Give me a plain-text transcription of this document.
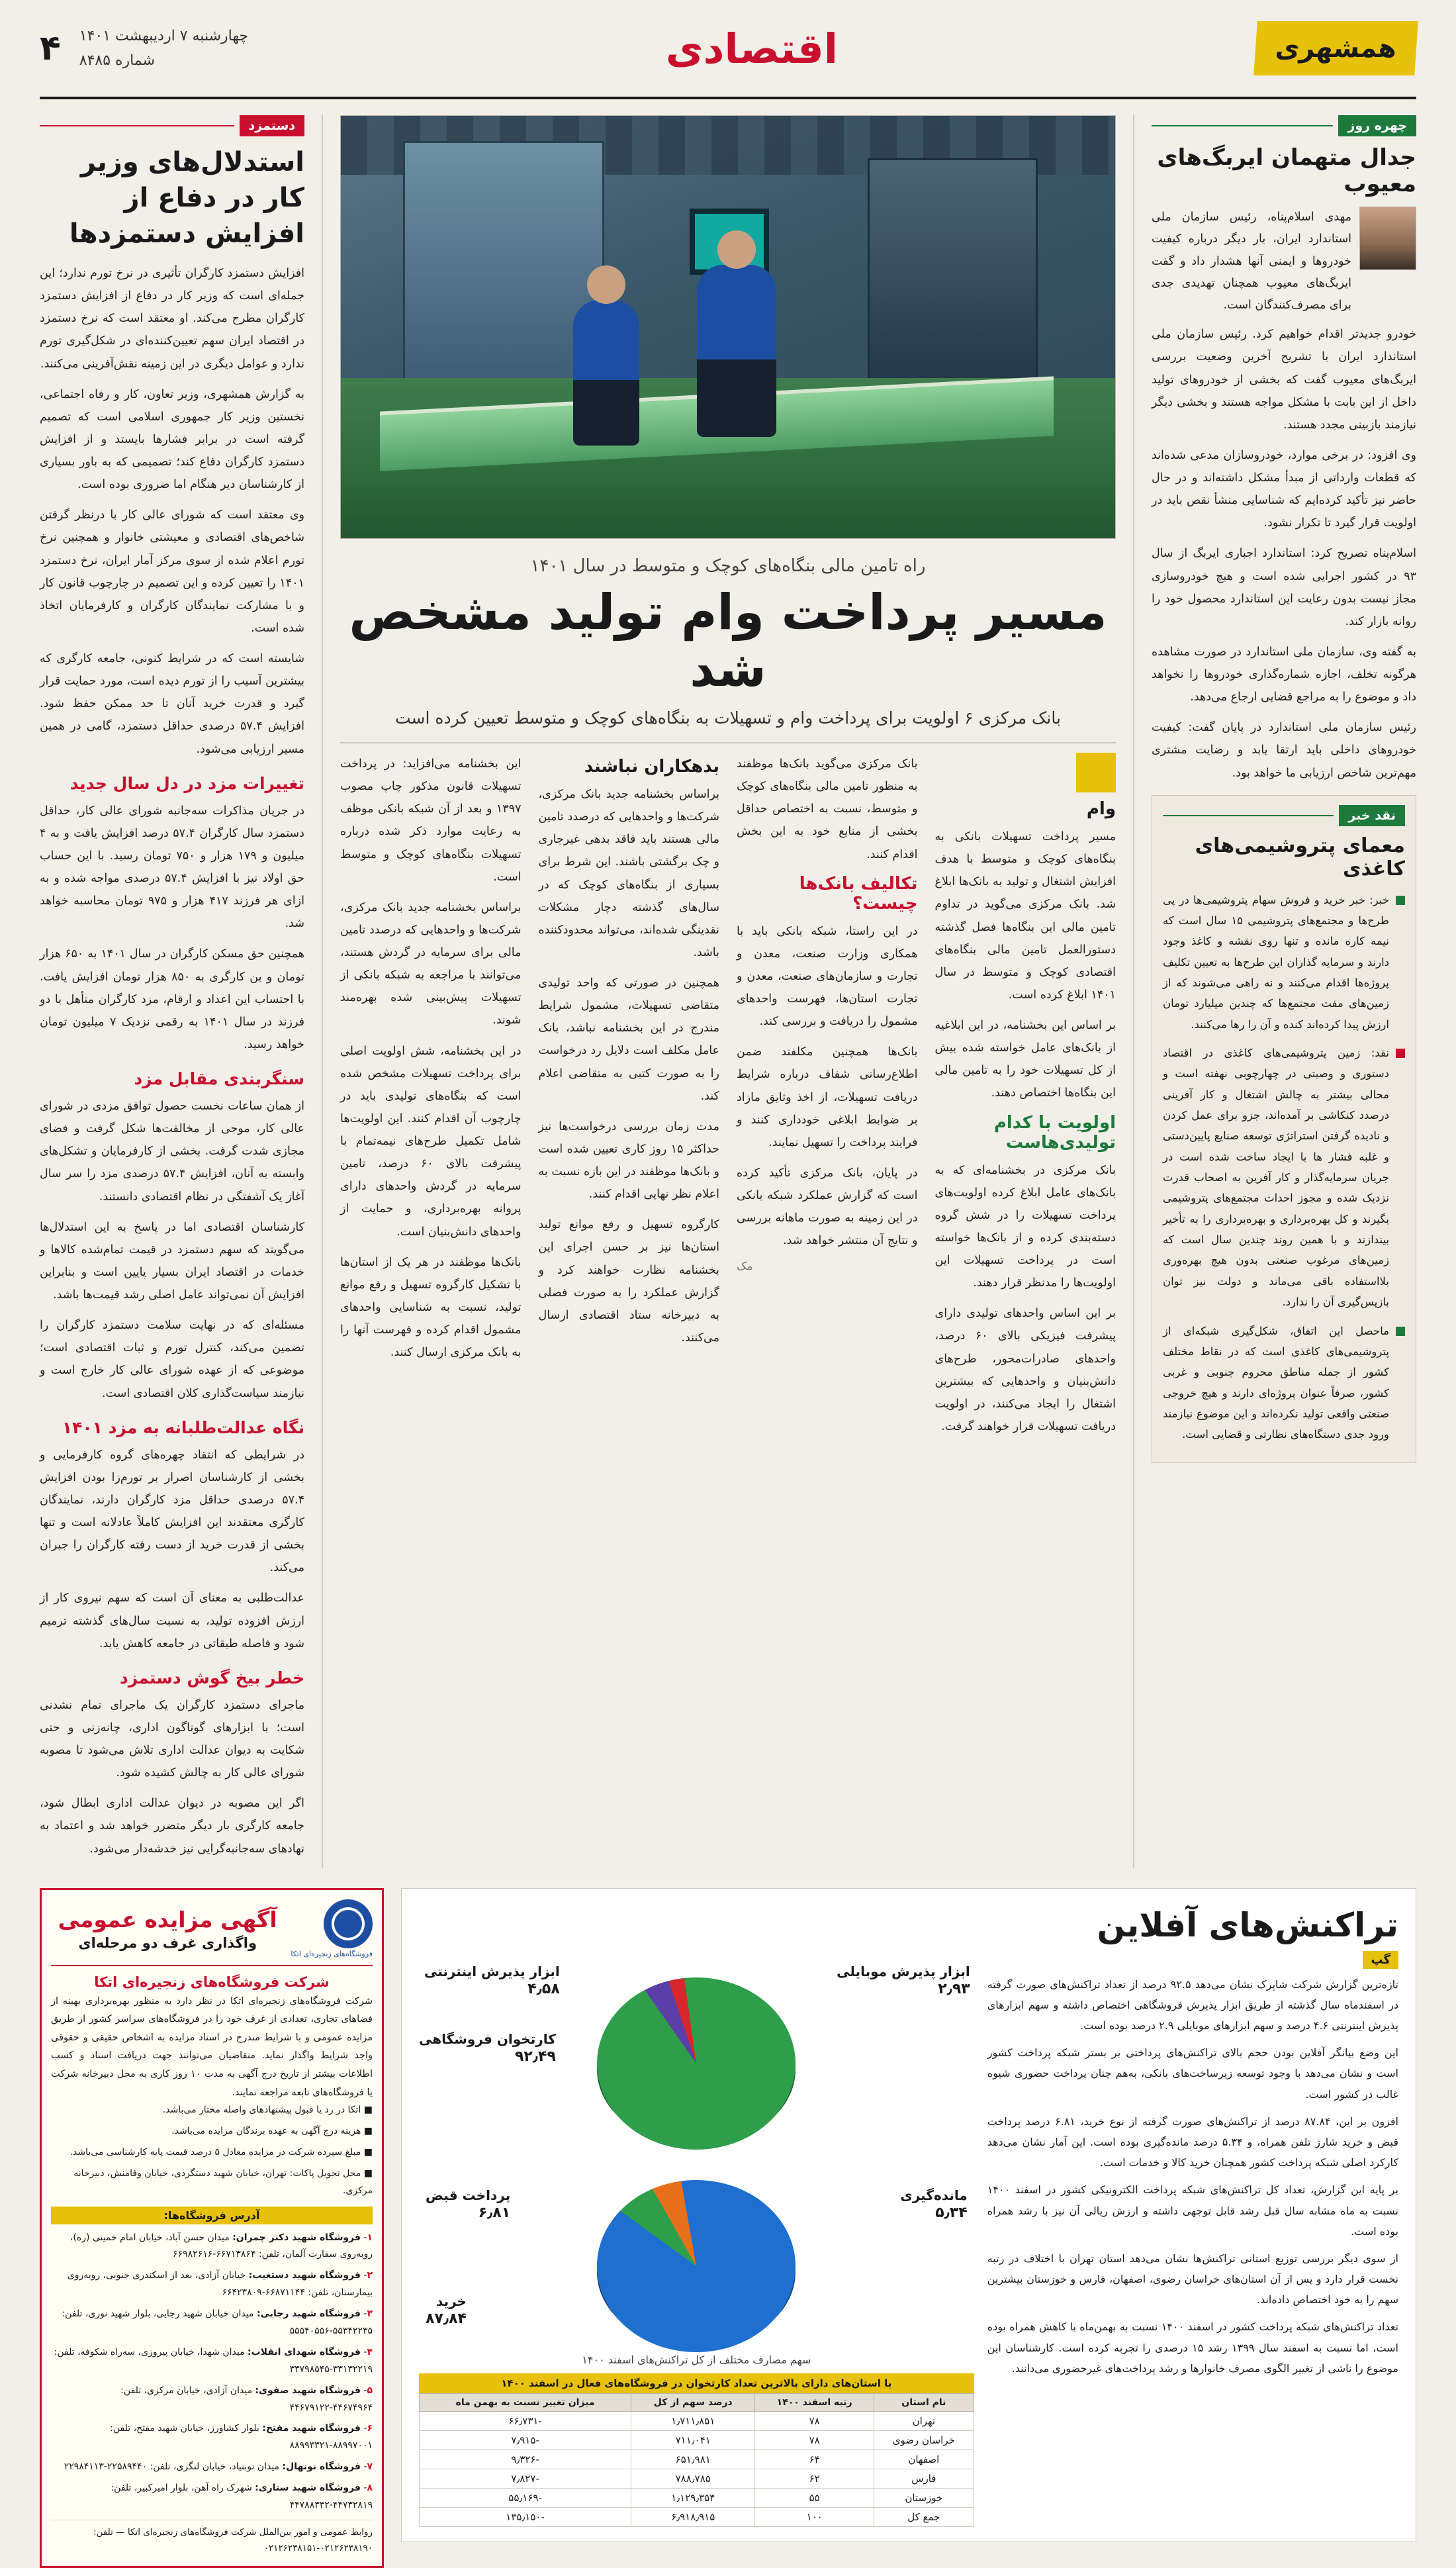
همشهری
اقتصادی
چهارشنبه ۷ اردیبهشت ۱۴۰۱
شماره ۸۴۸۵
۴
چهره روز
جدال متهمان ایربگ‌های معیوب
مهدی اسلام‌پناه، رئیس سازمان ملی استاندارد ایران، بار دیگر درباره کیفیت خودروها و ایمنی آنها هشدار داد و گفت ایربگ‌های معیوب همچنان تهدیدی جدی برای مصرف‌کنندگان است.

خودرو جدیدتر اقدام خواهیم کرد. رئیس سازمان ملی استاندارد ایران با تشریح آخرین وضعیت بررسی ایربگ‌های معیوب گفت که بخشی از خودروهای تولید داخل از این بابت با مشکل مواجه هستند و بخشی دیگر نیازمند بازبینی مجدد هستند.

وی افزود: در برخی موارد، خودروسازان مدعی شده‌اند که قطعات وارداتی از مبدأ مشکل داشته‌اند و در حال حاضر نیز تأکید کرده‌ایم که شناسایی منشأ نقص باید در اولویت قرار گیرد تا تکرار نشود.

اسلام‌پناه تصریح کرد: استاندارد اجباری ایربگ از سال ۹۳ در کشور اجرایی شده است و هیچ خودروسازی مجاز نیست بدون رعایت این استاندارد محصول خود را روانه بازار کند.

به گفته وی، سازمان ملی استاندارد در صورت مشاهده هرگونه تخلف، اجازه شماره‌گذاری خودروها را نخواهد داد و موضوع را به مراجع قضایی ارجاع می‌دهد.

رئیس سازمان ملی استاندارد در پایان گفت: کیفیت خودروهای داخلی باید ارتقا یابد و رضایت مشتری مهم‌ترین شاخص ارزیابی ما خواهد بود.

نقد خبر
معمای پتروشیمی‌های کاغذی

خبر: خبر خرید و فروش سهام پتروشیمی‌ها در پی طرح‌ها و مجتمع‌های پتروشیمی ۱۵ سال است که نیمه کاره مانده و تنها روی نقشه و کاغذ وجود دارند و سرمایه گذاران این طرح‌ها به تعیین تکلیف پروژه‌ها اقدام می‌کنند و نه راهی می‌شوند که از زمین‌های مفت مجتمع‌ها که چندین میلیارد تومان ارزش پیدا کرده‌اند کنده و آن را رها می‌کنند.

نقد: زمین پتروشیمی‌های کاغذی در اقتصاد دستوری و وصیتی در چهارچوبی نهفته است و محالی بیشتر به چالش اشتغال و کار آفرینی درصدد کنکاشی بر آمده‌اند، جزو برای عمل کردن و نادیده گرفتن استراتژی توسعه صنایع پایین‌دستی و غلبه فشار ها با ایجاد ساخت شده است در جریان سرمایه‌گذار و کار آفرین به اصحاب قدرت نزدیک شده و مجوز احداث مجتمع‌های پتروشیمی بگیرند و کل بهره‌برداری و بهره‌برداری را به تأخیر بیندازند و با همین روند چندین سال است که زمین‌های مرغوب صنعتی بدون هیچ بهره‌وری بلااستفاده باقی می‌ماند و دولت نیز توان بازپس‌گیری آن را ندارد.

ماحصل این اتفاق، شکل‌گیری شبکه‌ای از پتروشیمی‌های کاغذی است که در نقاط مختلف کشور از جمله مناطق محروم جنوبی و غربی کشور، صرفاً عنوان پروژه‌ای دارند و هیچ خروجی صنعتی واقعی تولید نکرده‌اند و این موضوع نیازمند ورود جدی دستگاه‌های نظارتی و قضایی است.

راه تامین مالی بنگاه‌های کوچک و متوسط در سال ۱۴۰۱
مسیر پرداخت وام تولید مشخص شد
بانک مرکزی ۶ اولویت برای پرداخت وام و تسهیلات به بنگاه‌های کوچک و متوسط تعیین کرده است
وام

مسیر پرداخت تسهیلات بانکی به بنگاه‌های کوچک و متوسط با هدف افزایش اشتغال و تولید به بانک‌ها ابلاغ شد. بانک مرکزی می‌گوید در تداوم تامین مالی این بنگاه‌ها فصل گذشته دستورالعمل تامین مالی بنگاه‌های اقتصادی کوچک و متوسط در سال ۱۴۰۱ ابلاغ کرده است.

بر اساس این بخشنامه، در این ابلاغیه از بانک‌های عامل خواسته شده بیش از کل تسهیلات خود را به تامین مالی این بنگاه‌ها اختصاص دهند.

اولویت با کدام تولیدی‌هاست

بانک مرکزی در بخشنامه‌ای که به بانک‌های عامل ابلاغ کرده اولویت‌های پرداخت تسهیلات را در شش گروه دسته‌بندی کرده و از بانک‌ها خواسته است در پرداخت تسهیلات این اولویت‌ها را مدنظر قرار دهند.

بر این اساس واحدهای تولیدی دارای پیشرفت فیزیکی بالای ۶۰ درصد، واحدهای صادرات‌محور، طرح‌های دانش‌بنیان و واحدهایی که بیشترین اشتغال را ایجاد می‌کنند، در اولویت دریافت تسهیلات قرار خواهند گرفت.

بانک مرکزی می‌گوید بانک‌ها موظفند به منظور تامین مالی بنگاه‌های کوچک و متوسط، نسبت به اختصاص حداقل بخشی از منابع خود به این بخش اقدام کنند.

تکالیف بانک‌ها چیست؟

در این راستا، شبکه بانکی باید با همکاری وزارت صنعت، معدن و تجارت و سازمان‌های صنعت، معدن و تجارت استان‌ها، فهرست واحدهای مشمول را دریافت و بررسی کند.

بانک‌ها همچنین مکلفند ضمن اطلاع‌رسانی شفاف درباره شرایط دریافت تسهیلات، از اخذ وثایق مازاد بر ضوابط ابلاغی خودداری کنند و فرایند پرداخت را تسهیل نمایند.

در پایان، بانک مرکزی تأکید کرده است که گزارش عملکرد شبکه بانکی در این زمینه به صورت ماهانه بررسی و نتایج آن منتشر خواهد شد.

مک
بدهکاران نباشند

براساس بخشنامه جدید بانک مرکزی، شرکت‌ها و واحدهایی که درصدد تامین مالی هستند باید فاقد بدهی غیرجاری و چک برگشتی باشند. این شرط برای بسیاری از بنگاه‌های کوچک که در سال‌های گذشته دچار مشکلات نقدینگی شده‌اند، می‌تواند محدودکننده باشد.

همچنین در صورتی که واحد تولیدی متقاضی تسهیلات، مشمول شرایط مندرج در این بخشنامه نباشد، بانک عامل مکلف است دلایل رد درخواست را به صورت کتبی به متقاضی اعلام کند.

مدت زمان بررسی درخواست‌ها نیز حداکثر ۱۵ روز کاری تعیین شده است و بانک‌ها موظفند در این بازه نسبت به اعلام نظر نهایی اقدام کنند.

کارگروه تسهیل و رفع موانع تولید استان‌ها نیز بر حسن اجرای این بخشنامه نظارت خواهند کرد و گزارش عملکرد را به صورت فصلی به دبیرخانه ستاد اقتصادی ارسال می‌کنند.

این بخشنامه می‌افزاید: در پرداخت تسهیلات قانون مذکور چاپ مصوب ۱۳۹۷ و بعد از آن شبکه بانکی موظف به رعایت موارد ذکر شده درباره تسهیلات بنگاه‌های کوچک و متوسط است.

براساس بخشنامه جدید بانک مرکزی، شرکت‌ها و واحدهایی که درصدد تامین مالی برای سرمایه در گردش هستند، می‌توانند با مراجعه به شبکه بانکی از تسهیلات پیش‌بینی شده بهره‌مند شوند.

در این بخشنامه، شش اولویت اصلی برای پرداخت تسهیلات مشخص شده است که بنگاه‌های تولیدی باید در چارچوب آن اقدام کنند. این اولویت‌ها شامل تکمیل طرح‌های نیمه‌تمام با پیشرفت بالای ۶۰ درصد، تامین سرمایه در گردش واحدهای دارای پروانه بهره‌برداری، و حمایت از واحدهای دانش‌بنیان است.

بانک‌ها موظفند در هر یک از استان‌ها با تشکیل کارگروه تسهیل و رفع موانع تولید، نسبت به شناسایی واحدهای مشمول اقدام کرده و فهرست آنها را به بانک مرکزی ارسال کنند.

دستمزد
استدلال‌های وزیر کار در دفاع از افزایش دستمزدها

افزایش دستمزد کارگران تأثیری در نرخ تورم ندارد؛ این جمله‌ای است که وزیر کار در دفاع از افزایش دستمزد کارگران مطرح می‌کند. او معتقد است که نرخ دستمزد در اقتصاد ایران سهم تعیین‌کننده‌ای در شکل‌گیری تورم ندارد و عوامل دیگری در این زمینه نقش‌آفرینی می‌کنند.

به گزارش همشهری، وزیر تعاون، کار و رفاه اجتماعی، نخستین وزیر کار جمهوری اسلامی است که تصمیم گرفته است در برابر فشارها بایستد و از افزایش دستمزد کارگران دفاع کند؛ تصمیمی که به باور بسیاری از کارشناسان دیر هنگام اما ضروری بوده است.

وی معتقد است که شورای عالی کار با درنظر گرفتن شاخص‌های اقتصادی و معیشتی خانوار و همچنین نرخ تورم اعلام شده از سوی مرکز آمار ایران، نرخ دستمزد ۱۴۰۱ را تعیین کرده و این تصمیم در چارچوب قانون کار و با مشارکت نمایندگان کارگران و کارفرمایان اتخاذ شده است.

شایسته است که در شرایط کنونی، جامعه کارگری که بیشترین آسیب را از تورم دیده است، مورد حمایت قرار گیرد و قدرت خرید آنان تا حد ممکن حفظ شود. افزایش ۵۷.۴ درصدی حداقل دستمزد، گامی در همین مسیر ارزیابی می‌شود.

تغییرات مزد در دل سال جدید

در جریان مذاکرات سه‌جانبه شورای عالی کار، حداقل دستمزد سال کارگران ۵۷.۴ درصد افزایش یافت و به ۴ میلیون و ۱۷۹ هزار و ۷۵۰ تومان رسید. با این حساب حق اولاد نیز با افزایش ۵۷.۴ درصدی مواجه شده و به ازای هر فرزند ۴۱۷ هزار و ۹۷۵ تومان محاسبه خواهد شد.

همچنین حق مسکن کارگران در سال ۱۴۰۱ به ۶۵۰ هزار تومان و بن کارگری به ۸۵۰ هزار تومان افزایش یافت. با احتساب این اعداد و ارقام، مزد کارگران متأهل با دو فرزند در سال ۱۴۰۱ به رقمی نزدیک ۷ میلیون تومان خواهد رسید.

سنگربندی مقابل مزد

از همان ساعات نخست حصول توافق مزدی در شورای عالی کار، موجی از مخالفت‌ها شکل گرفت و فضای مجازی شدت گرفت. بخشی از کارفرمایان و تشکل‌های وابسته به آنان، افزایش ۵۷.۴ درصدی مزد را سر سال آغاز یک آشفتگی در نظام اقتصادی دانستند.

کارشناسان اقتصادی اما در پاسخ به این استدلال‌ها می‌گویند که سهم دستمزد در قیمت تمام‌شده کالاها و خدمات در اقتصاد ایران بسیار پایین است و بنابراین افزایش آن نمی‌تواند عامل اصلی رشد قیمت‌ها باشد.

مسئله‌ای که در نهایت سلامت دستمزد کارگران را تضمین می‌کند، کنترل تورم و ثبات اقتصادی است؛ موضوعی که از عهده شورای عالی کار خارج است و نیازمند سیاست‌گذاری کلان اقتصادی است.

نگاه عدالت‌طلبانه به مزد ۱۴۰۱

در شرایطی که انتقاد چهره‌های گروه کارفرمایی و بخشی از کارشناسان اصرار بر تورم‌زا بودن افزایش ۵۷.۴ درصدی حداقل مزد کارگران دارند، نمایندگان کارگری معتقدند این افزایش کاملاً عادلانه است و تنها بخشی از قدرت خرید از دست رفته کارگران را جبران می‌کند.

عدالت‌طلبی به معنای آن است که سهم نیروی کار از ارزش افزوده تولید، به نسبت سال‌های گذشته ترمیم شود و فاصله طبقاتی در جامعه کاهش یابد.

خطر بیخ گوش دستمزد

ماجرای دستمزد کارگران یک ماجرای تمام نشدنی است؛ با ابزارهای گوناگون اداری، چانه‌زنی و حتی شکایت به دیوان عدالت اداری تلاش می‌شود تا مصوبه شورای عالی کار به چالش کشیده شود.

اگر این مصوبه در دیوان عدالت اداری ابطال شود، جامعه کارگری بار دیگر متضرر خواهد شد و اعتماد به نهادهای سه‌جانبه‌گرایی نیز خدشه‌دار می‌شود.

تراکنش‌های آفلاین
گپ

تازه‌ترین گزارش شرکت شاپرک نشان می‌دهد ۹۲.۵ درصد از تعداد تراکنش‌های صورت گرفته در اسفندماه سال گذشته از طریق ابزار پذیرش فروشگاهی اختصاص داشته و سهم ابزارهای پذیرش اینترنتی ۴.۶ درصد و سهم ابزارهای موبایلی ۲.۹ درصد بوده است.

این وضع بیانگر آفلاین بودن حجم بالای تراکنش‌های پرداختی بر بستر شبکه پرداخت کشور است و نشان می‌دهد با وجود توسعه زیرساخت‌های بانکی، به‌هم چنان پرداخت حضوری شیوه غالب در کشور است.

افزون بر این، ۸۷.۸۴ درصد از تراکنش‌های صورت گرفته از نوع خرید، ۶.۸۱ درصد پرداخت قبض و خرید شارژ تلفن همراه، و ۵.۳۴ درصد مانده‌گیری بوده است. این آمار نشان می‌دهد کارکرد اصلی شبکه پرداخت کشور همچنان خرید کالا و خدمات است.

بر پایه این گزارش، تعداد کل تراکنش‌های شبکه پرداخت الکترونیکی کشور در اسفند ۱۴۰۰ نسبت به ماه مشابه سال قبل رشد قابل توجهی داشته و ارزش ریالی آن نیز با رشد همراه بوده است.

از سوی دیگر بررسی توزیع استانی تراکنش‌ها نشان می‌دهد استان تهران با اختلاف در رتبه نخست قرار دارد و پس از آن استان‌های خراسان رضوی، اصفهان، فارس و خوزستان بیشترین سهم را به خود اختصاص داده‌اند.

تعداد تراکنش‌های شبکه پرداخت کشور در اسفند ۱۴۰۰ نسبت به بهمن‌ماه با کاهش همراه بوده است، اما نسبت به اسفند سال ۱۳۹۹ رشد ۱۵ درصدی را تجربه کرده است. کارشناسان این موضوع را ناشی از تغییر الگوی مصرف خانوارها و رشد پرداخت‌های غیرحضوری می‌دانند.

ابزار پذیرش اینترنتی
۴٫۵۸
ابزار پذیرش موبایلی
۲٫۹۳
کارتخوان فروشگاهی
۹۲٫۴۹
مانده‌گیری
۵٫۳۴
پرداخت قبض
۶٫۸۱
خرید
۸۷٫۸۴
سهم مصارف مختلف از کل تراکنش‌های اسفند ۱۴۰۰
با استان‌های دارای بالاترین تعداد کارتخوان در فروشگاه‌های فعال در اسفند ۱۴۰۰
نام استان	رتبه اسفند ۱۴۰۰	درصد سهم از کل	میزان تغییر نسبت به بهمن ماه
تهران	۷۸	۱٫۷۱۱٫۸۵۱	-۶۶٫۷۳۱
خراسان رضوی	۷۸	۷۱۱٫۰۴۱	-۷٫۹۱۵
اصفهان	۶۴	۶۵۱٫۹۸۱	-۹٫۳۲۶
فارس	۶۲	۷۸۸٫۷۸۵	-۷٫۸۲۷
خوزستان	۵۵	۱٫۱۲۹٫۳۵۴	-۵۵٫۱۶۹
جمع کل	۱۰۰	۶٫۹۱۸٫۹۱۵	-۱۳۵٫۱۵۰
فروشگاه‌های زنجیره‌ای اتکا
آگهی مزایده عمومی
واگذاری غرف دو مرحله‌ای
شرکت فروشگاه‌های زنجیره‌ای اتکا
شرکت فروشگاه‌های زنجیره‌ای اتکا در نظر دارد به منظور بهره‌برداری بهینه از فضاهای تجاری، تعدادی از غرف خود را در فروشگاه‌های سراسر کشور از طریق مزایده عمومی و با شرایط مندرج در اسناد مزایده به اشخاص حقیقی و حقوقی واجد شرایط واگذار نماید. متقاضیان می‌توانند جهت دریافت اسناد و کسب اطلاعات بیشتر از تاریخ درج آگهی به مدت ۱۰ روز کاری به محل دبیرخانه شرکت یا فروشگاه‌های تابعه مراجعه نمایند.
■ اتکا در رد یا قبول پیشنهادهای واصله مختار می‌باشد.
■ هزینه درج آگهی به عهده برندگان مزایده می‌باشد.
■ مبلغ سپرده شرکت در مزایده معادل ۵ درصد قیمت پایه کارشناسی می‌باشد.
■ محل تحویل پاکات: تهران، خیابان شهید دستگردی، خیابان وفامنش، دبیرخانه مرکزی.
آدرس فروشگاه‌ها:
۱- فروشگاه شهید دکتر چمران: میدان حسن آباد، خیابان امام خمینی (ره)، روبه‌روی سفارت آلمان، تلفن: ۶۶۷۱۳۸۶۴-۶۶۹۸۲۶۱۶
۲- فروشگاه شهید دستغیب: خیابان آزادی، بعد از اسکندری جنوبی، روبه‌روی بیمارستان، تلفن: ۶۶۸۷۱۱۴۴-۶۶۴۲۳۸۰۹
۳- فروشگاه شهید رجایی: میدان خیابان شهید رجایی، بلوار شهید نوری، تلفن: ۵۵۳۴۲۲۳۵-۵۵۵۴۰۵۵۶
۴- فروشگاه شهدای انقلاب: میدان شهدا، خیابان پیروزی، سه‌راه شکوفه، تلفن: ۳۳۱۳۲۲۱۹-۳۳۷۹۸۵۴۵
۵- فروشگاه شهید صفوی: میدان آزادی، خیابان مرکزی، تلفن: ۴۴۶۷۴۹۶۴-۴۴۶۷۹۱۲۲
۶- فروشگاه شهید مفتح: بلوار کشاورز، خیابان شهید مفتح، تلفن: ۸۸۹۹۷۰۰۱-۸۸۹۹۳۳۲۱
۷- فروشگاه نونهال: میدان نوبنیاد، خیابان لنگری، تلفن: ۲۲۵۸۹۴۴۰-۲۲۹۸۴۱۱۳
۸- فروشگاه شهید ستاری: شهرک راه آهن، بلوار امیرکبیر، تلفن: ۴۴۷۳۲۸۱۹-۴۴۷۸۸۳۳۲
روابط عمومی و امور بین‌الملل شرکت فروشگاه‌های زنجیره‌ای اتکا — تلفن: ۰۲۱۲۶۲۳۸۱۹۰-۰۲۱۲۶۲۳۸۱۵۱
